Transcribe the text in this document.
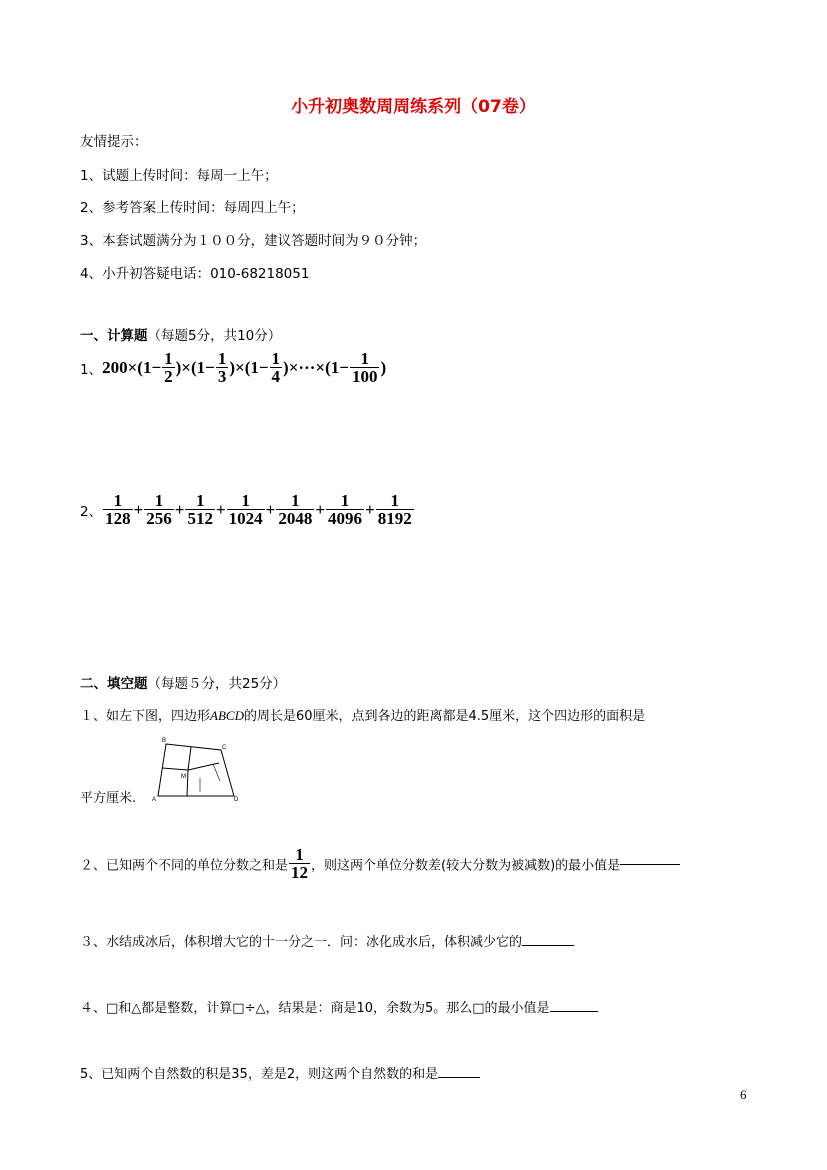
小升初奥数周周练系列（07卷）
友情提示：
1、试题上传时间：每周一上午；
2、参考答案上传时间：每周四上午；
3、本套试题满分为１００分，建议答题时间为９０分钟；
4、小升初答疑电话：010-68218051
一、计算题（每题5分，共10分）
1、$200\times(1- \frac{1}{2} )\times(1- \frac{1}{3} )\times(1- \frac{1}{4} )\times\cdot\cdot\cdot\times(1- \frac{1}{100}$ )
2、 $\frac{1}{128} + \frac{1}{256} + \frac{1}{512} + \frac{1}{1024} + \frac{1}{2048} + \frac{1}{4096} + \frac{1}{8192}$
二、填空题（每题５分，共25分）
１、如左下图，四边形ABCD的周长是60厘米，点到各边的距离都是4.5厘米，这个四边形的面积是
B
C
A	D
M
平方厘米.
２、已知两个不同的单位分数之和是 $\frac{1}{12}$ ，则这两个单位分数差(较大分数为被减数)的最小值是
３、水结成冰后，体积增大它的十一分之一．问：冰化成水后，体积减少它的
４、□和△都是整数，计算□÷△，结果是：商是10，余数为5。那么□的最小值是
5、已知两个自然数的积是35，差是2，则这两个自然数的和是
6
